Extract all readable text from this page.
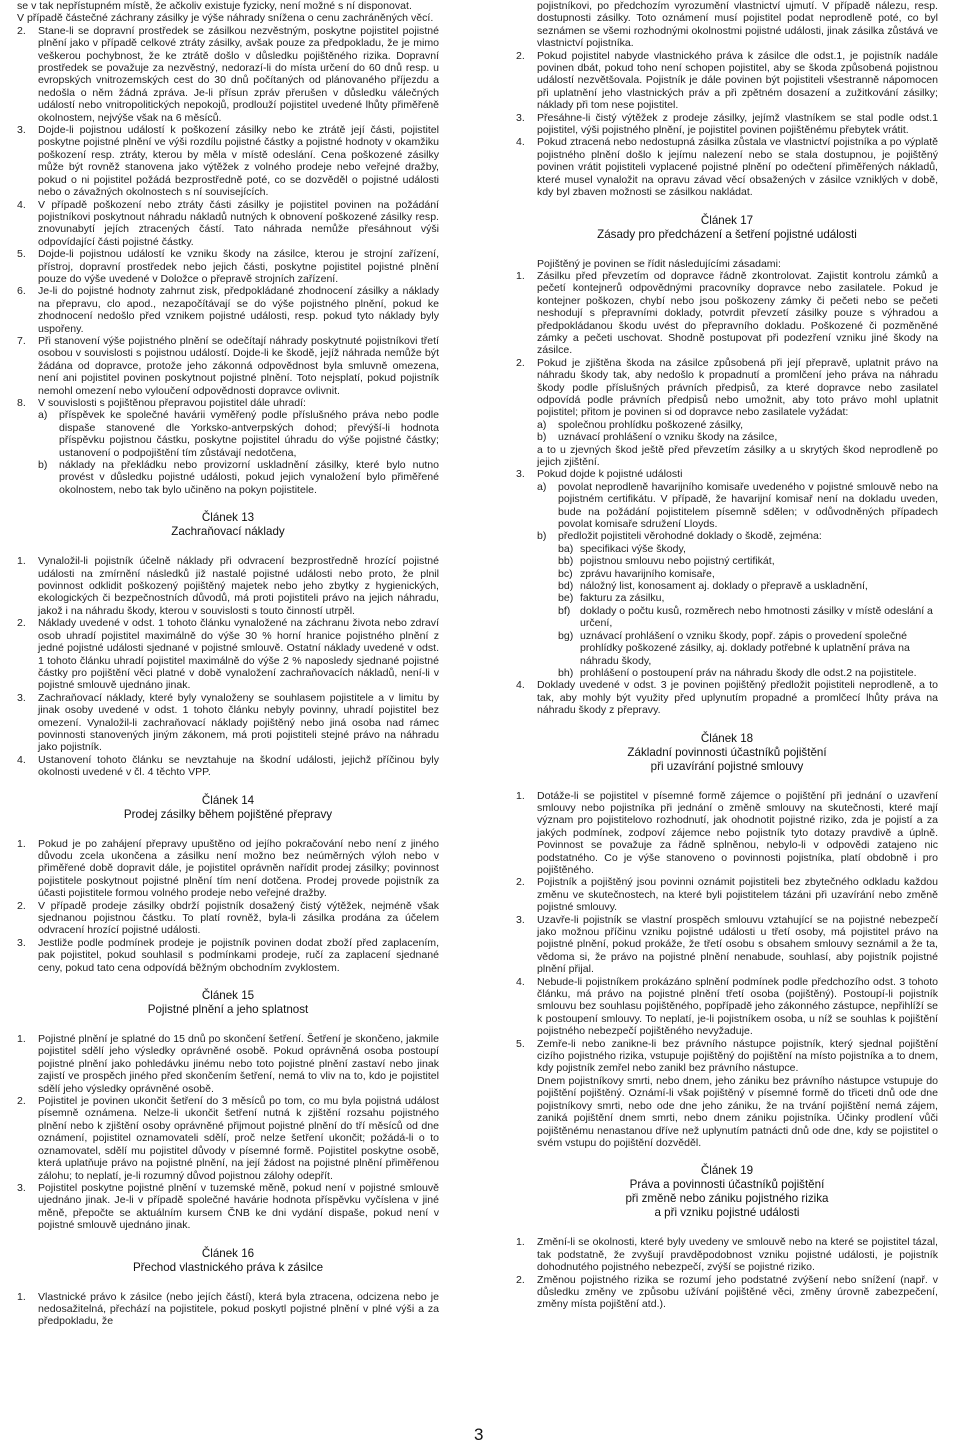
se v tak nepřístupném místě, že ačkoliv existuje fyzicky, není možné s ní disponovat.

V případě částečné záchrany zásilky je výše náhrady snížena o cenu zachráněných věcí.

2.	Stane-li se dopravní prostředek se zásilkou nezvěstným, poskytne pojistitel pojistné plnění jako v případě celkové ztráty zásilky, avšak pouze za předpokladu, že je mimo veškerou pochybnost, že ke ztrátě došlo v důsledku pojištěného rizika. Dopravní prostředek se považuje za nezvěstný, nedorazí-li do místa určení do 60 dnů resp. u evropských vnitrozemských cest do 30 dnů počítaných od plánovaného příjezdu a nedošla o něm žádná zpráva. Je-li přísun zpráv přerušen v důsledku válečných událostí nebo vnitropolitických nepokojů, prodlouží pojistitel uvedené lhůty přiměřeně okolnostem, nejvýše však na 6 měsíců.

3.	Dojde-li pojistnou událostí k poškození zásilky nebo ke ztrátě její části, pojistitel poskytne pojistné plnění ve výši rozdílu pojistné částky a pojistné hodnoty v okamžiku poškození resp. ztráty, kterou by měla v místě odeslání. Cena poškozené zásilky může být rovněž stanovena jako výtěžek z volného prodeje nebo veřejné dražby, pokud o ni pojistitel požádá bezprostředně poté, co se dozvěděl o pojistné události nebo o závažných okolnostech s ní souvisejících.

4.	V případě poškození nebo ztráty části zásilky je pojistitel povinen na požádání pojistníkovi poskytnout náhradu nákladů nutných k obnovení poškozené zásilky resp. znovunabytí jejích ztracených částí. Tato náhrada nemůže přesáhnout výši odpovídající části pojistné částky.

5.	Dojde-li pojistnou událostí ke vzniku škody na zásilce, kterou je strojní zařízení, přístroj, dopravní prostředek nebo jejich části, poskytne pojistitel pojistné plnění pouze do výše uvedené v Doložce o přepravě strojních zařízení.

6.	Je-li do pojistné hodnoty zahrnut zisk, předpokládané zhodnocení zásilky a náklady na přepravu, clo apod., nezapočítávají se do výše pojistného plnění, pokud ke zhodnocení nedošlo před vznikem pojistné události, resp. pokud tyto náklady byly uspořeny.

7.	Při stanovení výše pojistného plnění se odečítají náhrady poskytnuté pojistníkovi třetí osobou v souvislosti s pojistnou událostí. Dojde-li ke škodě, jejíž náhrada nemůže být žádána od dopravce, protože jeho zákonná odpovědnost byla smluvně omezena, není ani pojistitel povinen poskytnout pojistné plnění. Toto nejsplatí, pokud pojistník nemohl omezení nebo vyloučení odpovědnosti dopravce ovlivnit.

8.	V souvislosti s pojištěnou přepravou pojistitel dále uhradí:

a)	příspěvek ke společné havárii vyměřený podle příslušného práva nebo podle dispaše stanovené dle Yorksko-antverpských dohod; převýší-li hodnota příspěvku pojistnou částku, poskytne pojistitel úhradu do výše pojistné částky; ustanovení o podpojištění tím zůstávají nedotčena,
b)	náklady na překládku nebo provizorní uskladnění zásilky, které bylo nutno provést v důsledku pojistné události, pokud jejich vynaložení bylo přiměřené okolnostem, nebo tak bylo učiněno na pokyn pojistitele.
Článek 13
Zachraňovací náklady
1.	Vynaložil-li pojistník účelně náklady při odvracení bezprostředně hrozící pojistné události na zmírnění následků již nastalé pojistné události nebo proto, že plnil povinnost odklidit poškozený pojištěný majetek nebo jeho zbytky z hygienických, ekologických či bezpečnostních důvodů, má proti pojistiteli právo na jejich náhradu, jakož i na náhradu škody, kterou v souvislosti s touto činností utrpěl.

2.	Náklady uvedené v odst. 1 tohoto článku vynaložené na záchranu života nebo zdraví osob uhradí pojistitel maximálně do výše 30 % horní hranice pojistného plnění z jedné pojistné události sjednané v pojistné smlouvě. Ostatní náklady uvedené v odst. 1 tohoto článku uhradí pojistitel maximálně do výše 2 % naposledy sjednané pojistné částky pro pojištění věci platné v době vynaložení zachraňovacích nákladů, není-li v pojistné smlouvě ujednáno jinak.

3.	Zachraňovací náklady, které byly vynaloženy se souhlasem pojistitele a v limitu by jinak osoby uvedené v odst. 1 tohoto článku nebyly povinny, uhradí pojistitel bez omezení. Vynaložil-li zachraňovací náklady pojištěný nebo jiná osoba nad rámec povinnosti stanovených jiným zákonem, má proti pojistiteli stejné právo na náhradu jako pojistník.

4.	Ustanovení tohoto článku se nevztahuje na škodní události, jejichž příčinou byly okolnosti uvedené v čl. 4 těchto VPP.

Článek 14
Prodej zásilky během pojištěné přepravy
1.	Pokud je po zahájení přepravy upuštěno od jejího pokračování nebo není z jiného důvodu zcela ukončena a zásilku není možno bez neúměrných výloh nebo v přiměřené době dopravit dále, je pojistitel oprávněn nařídit prodej zásilky; povinnost pojistitele poskytnout pojistné plnění tím není dotčena. Prodej provede pojistník za účasti pojistitele formou volného prodeje nebo veřejné dražby.

2.	V případě prodeje zásilky obdrží pojistník dosažený čistý výtěžek, nejméně však sjednanou pojistnou částku. To platí rovněž, byla-li zásilka prodána za účelem odvracení hrozící pojistné události.

3.	Jestliže podle podmínek prodeje je pojistník povinen dodat zboží před zaplacením, pak pojistitel, pokud souhlasil s podmínkami prodeje, ručí za zaplacení sjednané ceny, pokud tato cena odpovídá běžným obchodním zvyklostem.

Článek 15
Pojistné plnění a jeho splatnost
1.	Pojistné plnění je splatné do 15 dnů po skončení šetření. Šetření je skončeno, jakmile pojistitel sdělí jeho výsledky oprávněné osobě. Pokud oprávněná osoba postoupí pojistné plnění jako pohledávku jinému nebo toto pojistné plnění zastaví nebo jinak zajistí ve prospěch jiného před skončením šetření, nemá to vliv na to, kdo je pojistitel sdělí jeho výsledky oprávněné osobě.

2.	Pojistitel je povinen ukončit šetření do 3 měsíců po tom, co mu byla pojistná událost písemně oznámena. Nelze-li ukončit šetření nutná k zjištění rozsahu pojistného plnění nebo k zjištění osoby oprávněné přijmout pojistné plnění do tří měsíců od dne oznámení, pojistitel oznamovateli sdělí, proč nelze šetření ukončit; požádá-li o to oznamovatel, sdělí mu pojistitel důvody v písemné formě. Pojistitel poskytne osobě, která uplatňuje právo na pojistné plnění, na její žádost na pojistné plnění přiměřenou zálohu; to neplatí, je-li rozumný důvod pojistnou zálohy odepřít.

3.	Pojistitel poskytne pojistné plnění v tuzemské měně, pokud není v pojistné smlouvě ujednáno jinak. Je-li v případě společné havárie hodnota příspěvku vyčíslena v jiné měně, přepočte se aktuálním kursem ČNB ke dni vydání dispaše, pokud není v pojistné smlouvě ujednáno jinak.

Článek 16
Přechod vlastnického práva k zásilce
1.	Vlastnické právo k zásilce (nebo jejích částí), která byla ztracena, odcizena nebo je nedosažitelná, přechází na pojistitele, pokud poskytl pojistné plnění v plné výši a za předpokladu, že

pojistníkovi, po předchozím vyrozumění vlastnictví ujmutí. V případě nálezu, resp. dostupnosti zásilky. Toto oznámení musí pojistitel podat neprodleně poté, co byl seznámen se všemi rozhodnými okolnostmi pojistné události, jinak zásilka zůstává ve vlastnictví pojistníka.

2.	Pokud pojistitel nabyde vlastnického práva k zásilce dle odst.1, je pojistník nadále povinen dbát, pokud toho není schopen pojistitel, aby se škoda způsobená pojistnou událostí nezvětšovala. Pojistník je dále povinen být pojistiteli všestranně nápomocen při uplatnění jeho vlastnických práv a při zpětném dosazení a zužitkování zásilky; náklady při tom nese pojistitel.

3.	Přesáhne-li čistý výtěžek z prodeje zásilky, jejímž vlastníkem se stal podle odst.1 pojistitel, výši pojistného plnění, je pojistitel povinen pojištěnému přebytek vrátit.

4.	Pokud ztracená nebo nedostupná zásilka zůstala ve vlastnictví pojistníka a po výplatě pojistného plnění došlo k jejímu nalezení nebo se stala dostupnou, je pojištěný povinen vrátit pojistiteli vyplacené pojistné plnění po odečtení přiměřených nákladů, které musel vynaložit na opravu závad věcí obsažených v zásilce vzniklých v době, kdy byl zbaven možnosti se zásilkou nakládat.

Článek 17
Zásady pro předcházení a šetření pojistné události

Pojištěný je povinen se řídit následujícími zásadami:

1.	Zásilku před převzetím od dopravce řádně zkontrolovat. Zajistit kontrolu zámků a pečetí kontejnerů odpovědnými pracovníky dopravce nebo zasilatele. Pokud je kontejner poškozen, chybí nebo jsou poškozeny zámky či pečeti nebo se pečeti neshodují s přepravními doklady, potvrdit převzetí zásilky pouze s výhradou a předpokládanou škodu uvést do přepravního dokladu. Poškozené či pozměněné zámky a pečeti uschovat. Shodně postupovat při podezření vzniku jiné škody na zásilce.

2.	Pokud je zjištěna škoda na zásilce způsobená při její přepravě, uplatnit právo na náhradu škody tak, aby nedošlo k propadnutí a promlčení jeho práva na náhradu škody podle příslušných právních předpisů, za které dopravce nebo zasilatel odpovídá podle právních předpisů nebo umožnit, aby toto právo mohl uplatnit pojistitel; přitom je povinen si od dopravce nebo zasilatele vyžádat:

a)	společnou prohlídku poškozené zásilky,
b)	uznávací prohlášení o vzniku škody na zásilce,

a to u zjevných škod ještě před převzetím zásilky a u skrytých škod neprodleně po jejich zjištění.

3.	Pokud dojde k pojistné události

a)	povolat neprodleně havarijního komisaře uvedeného v pojistné smlouvě nebo na pojistném certifikátu. V případě, že havarijní komisař není na dokladu uveden, bude na požádání pojistitelem písemně sdělen; v odůvodněných případech povolat komisaře sdružení Lloyds.
b)	předložit pojistiteli věrohodné doklady o škodě, zejména:
ba) specifikaci výše škody,
bb) pojistnou smlouvu nebo pojistný certifikát,
bc) zprávu havarijního komisaře,
bd) náložný list, konosament aj. doklady o přepravě a uskladnění,
be) fakturu za zásilku,
bf) doklady o počtu kusů, rozměrech nebo hmotnosti zásilky v místě odeslání a určení,
bg) uznávací prohlášení o vzniku škody, popř. zápis o provedení společné prohlídky poškozené zásilky, aj. doklady potřebné k uplatnění práva na náhradu škody,
bh) prohlášení o postoupení práv na náhradu škody dle odst.2 na pojistitele.
4.	Doklady uvedené v odst. 3 je povinen pojištěný předložit pojistiteli neprodleně, a to tak, aby mohly být využity před uplynutím propadné a promlčecí lhůty práva na náhradu škody z přepravy.

Článek 18
Základní povinnosti účastníků pojištění
při uzavírání pojistné smlouvy
1.	Dotáže-li se pojistitel v písemné formě zájemce o pojištění při jednání o uzavření smlouvy nebo pojistníka při jednání o změně smlouvy na skutečnosti, které mají význam pro pojistitelovo rozhodnutí, jak ohodnotit pojistné riziko, zda je pojistí a za jakých podmínek, zodpoví zájemce nebo pojistník tyto dotazy pravdivě a úplně. Povinnost se považuje za řádně splněnou, nebylo-li v odpovědi zatajeno nic podstatného. Co je výše stanoveno o povinnosti pojistníka, platí obdobně i pro pojištěného.

2.	Pojistník a pojištěný jsou povinni oznámit pojistiteli bez zbytečného odkladu každou změnu ve skutečnostech, na které byli pojistitelem tázáni při uzavírání nebo změně pojistné smlouvy.

3.	Uzavře-li pojistník se vlastní prospěch smlouvu vztahující se na pojistné nebezpečí jako možnou příčinu vzniku pojistné události u třetí osoby, má pojistitel právo na pojistné plnění, pokud prokáže, že třetí osobu s obsahem smlouvy seznámil a že ta, vědoma si, že právo na pojistné plnění nenabude, souhlasí, aby pojistník pojistné plnění přijal.

4.	Nebude-li pojistníkem prokázáno splnění podmínek podle předchozího odst. 3 tohoto článku, má právo na pojistné plnění třetí osoba (pojištěný). Postoupí-li pojistník smlouvu bez souhlasu pojištěného, popřípadě jeho zákonného zástupce, nepřihlíží se k postoupení smlouvy. To neplatí, je-li pojistníkem osoba, u níž se souhlas k pojištění pojistného nebezpečí pojištěného nevyžaduje.

5.	Zemře-li nebo zanikne-li bez právního nástupce pojistník, který sjednal pojištění cizího pojistného rizika, vstupuje pojištěný do pojištění na místo pojistníka a to dnem, kdy pojistník zemřel nebo zanikl bez právního nástupce.

Dnem pojistníkovy smrti, nebo dnem, jeho zániku bez právního nástupce vstupuje do pojištění pojištěný. Oznámí-li však pojištěný v písemné formě do třiceti dnů ode dne pojistníkovy smrti, nebo ode dne jeho zániku, že na trvání pojištění nemá zájem, zaniká pojištění dnem smrti, nebo dnem zániku pojistníka. Účinky prodlení vůči pojištěnému nenastanou dříve než uplynutím patnácti dnů ode dne, kdy se pojistitel o svém vstupu do pojištění dozvěděl.

Článek 19
Práva a povinnosti účastníků pojištění
při změně nebo zániku pojistného rizika
a při vzniku pojistné události
1.	Změní-li se okolnosti, které byly uvedeny ve smlouvě nebo na které se pojistitel tázal, tak podstatně, že zvyšují pravděpodobnost vzniku pojistné události, je pojistník dohodnutého pojistného nebezpečí, zvýší se pojistné riziko.

2.	Změnou pojistného rizika se rozumí jeho podstatné zvýšení nebo snížení (např. v důsledku změny ve způsobu užívání pojištěné věci, změny úrovně zabezpečení, změny místa pojištění atd.).

3
